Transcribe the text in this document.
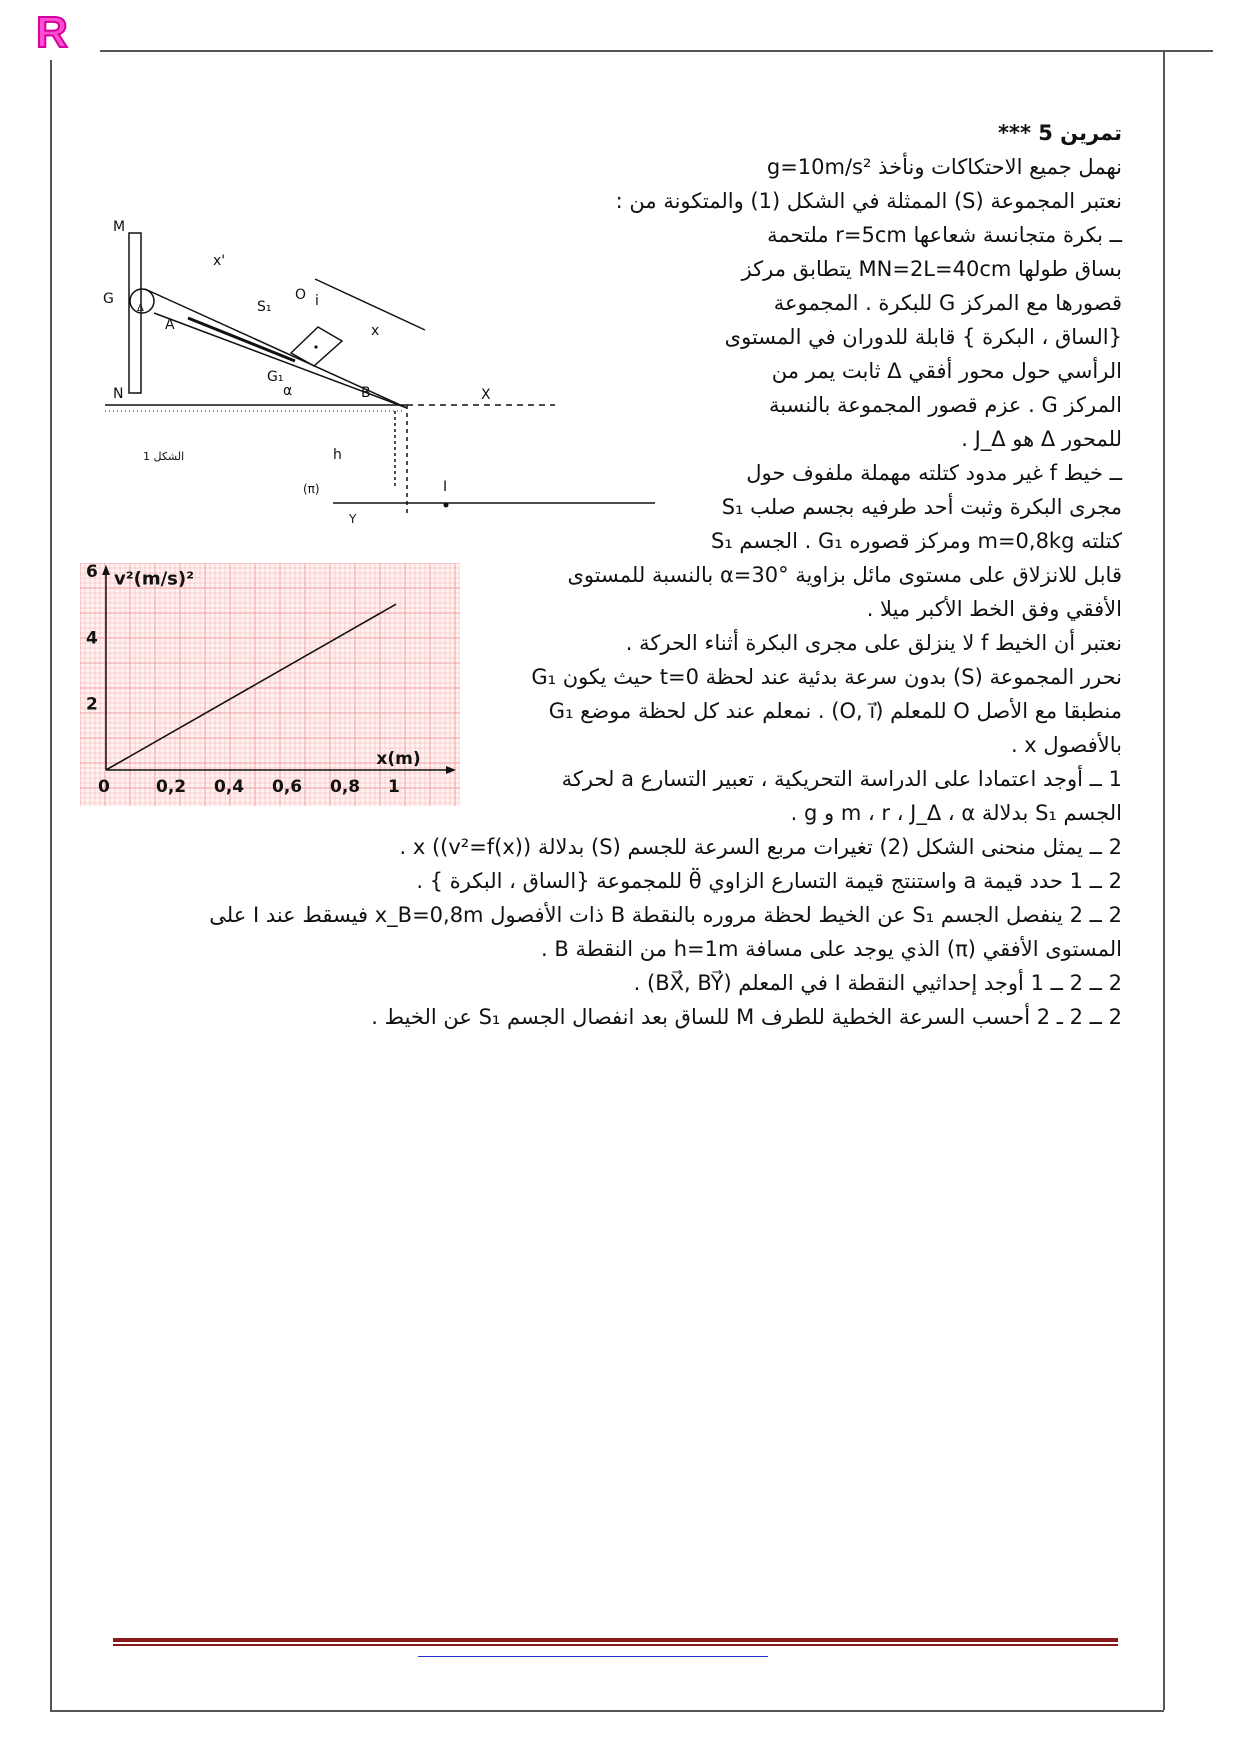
R
تمرين 5 ***
نهمل جميع الاحتكاكات ونأخذ g=10m/s²
نعتبر المجموعة (S) الممثلة في الشكل (1) والمتكونة من :
ــ بكرة متجانسة شعاعها r=5cm ملتحمة
بساق طولها MN=2L=40cm يتطابق مركز
قصورها مع المركز G للبكرة . المجموعة
{الساق ، البكرة } قابلة للدوران في المستوى
الرأسي حول محور أفقي Δ ثابت يمر من
المركز G . عزم قصور المجموعة بالنسبة
للمحور Δ هو J_Δ .
ــ خيط f غير مدود كتلته مهملة ملفوف حول
مجرى البكرة وثبت أحد طرفيه بجسم صلب S₁
كتلته m=0,8kg ومركز قصوره G₁ . الجسم S₁
قابل للانزلاق على مستوى مائل بزاوية α=30° بالنسبة للمستوى
الأفقي وفق الخط الأكبر ميلا .
نعتبر أن الخيط f لا ينزلق على مجرى البكرة أثناء الحركة .
نحرر المجموعة (S) بدون سرعة بدئية عند لحظة t=0 حيث يكون G₁
منطبقا مع الأصل O للمعلم (O, i⃗) . نمعلم عند كل لحظة موضع G₁
بالأفصول x .
1 ــ أوجد اعتمادا على الدراسة التحريكية ، تعبير التسارع a لحركة
الجسم S₁ بدلالة m ، r ، J_Δ ، α و g .
2 ــ يمثل منحنى الشكل (2) تغيرات مربع السرعة للجسم (S) بدلالة x ((v²=f(x)) .
2 ــ 1 حدد قيمة a واستنتج قيمة التسارع الزاوي θ̈ للمجموعة {الساق ، البكرة } .
2 ــ 2 ينفصل الجسم S₁ عن الخيط لحظة مروره بالنقطة B ذات الأفصول x_B=0,8m فيسقط عند I على
المستوى الأفقي (π) الذي يوجد على مسافة h=1m من النقطة B .
2 ــ 2 ــ 1 أوجد إحداثيي النقطة I في المعلم (BX⃗, BY⃗) .
2 ــ 2 ـ 2 أحسب السرعة الخطية للطرف M للساق بعد انفصال الجسم S₁ عن الخيط .
M
N
G
Δ
A
x'
S₁
O i
x
G₁
α	B	X
h
(π)	I
Y
الشكل 1
0	0,2 0,4 0,6 0,8 1
2
4
6 v²(m/s)²
x(m)
